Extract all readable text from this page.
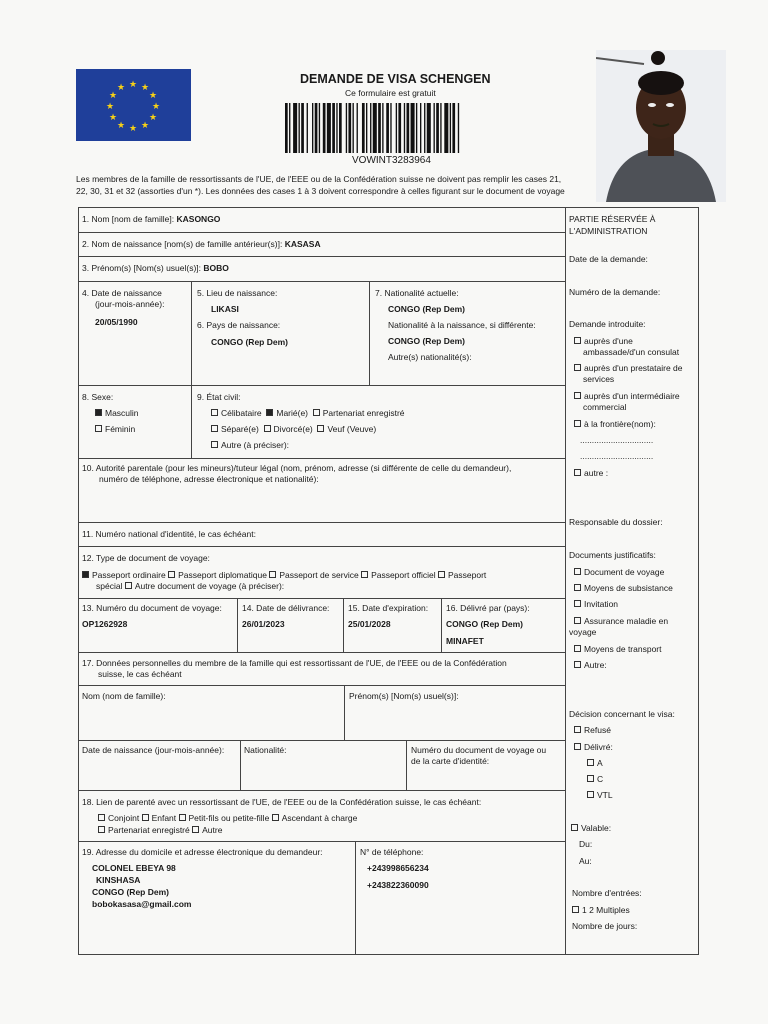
★ ★
★
★
★
★
★
★
★
★
★
★
DEMANDE DE VISA SCHENGEN
Ce formulaire est gratuit
VOWINT3283964
Les membres de la famille de ressortissants de l'UE, de l'EEE ou de la Confédération suisse ne doivent pas remplir les cases 21,
22, 30, 31 et 32 (assorties d'un *). Les données des cases 1 à 3 doivent correspondre à celles figurant sur le document de voyage
1. Nom [nom de famille]: KASONGO
2. Nom de naissance [nom(s) de famille antérieur(s)]: KASASA
3. Prénom(s) [Nom(s) usuel(s)]: BOBO
4. Date de naissance
(jour-mois-année):
20/05/1990
5. Lieu de naissance:
LIKASI
6. Pays de naissance:
CONGO (Rep Dem)
7. Nationalité actuelle:
CONGO (Rep Dem)
Nationalité à la naissance, si différente:
CONGO (Rep Dem)
Autre(s) nationalité(s):
8. Sexe:
Masculin
Féminin
9. État civil:
Célibataire Marié(e) Partenariat enregistré
Séparé(e) Divorcé(e) Veuf (Veuve)
Autre (à préciser):
10. Autorité parentale (pour les mineurs)/tuteur légal (nom, prénom, adresse (si différente de celle du demandeur),
numéro de téléphone, adresse électronique et nationalité):
11. Numéro national d'identité, le cas échéant:
12. Type de document de voyage:
Passeport ordinaire Passeport diplomatique Passeport de service Passeport officiel Passeport
spécial Autre document de voyage (à préciser):
13. Numéro du document de voyage:
OP1262928
14. Date de délivrance:
26/01/2023
15. Date d'expiration:
25/01/2028
16. Délivré par (pays):
CONGO (Rep Dem)
MINAFET
17. Données personnelles du membre de la famille qui est ressortissant de l'UE, de l'EEE ou de la Confédération
suisse, le cas échéant
Nom (nom de famille):	Prénom(s) [Nom(s) usuel(s)]:
Date de naissance (jour-mois-année): Nationalité:	Numéro du document de voyage ou
de la carte d'identité:
18. Lien de parenté avec un ressortissant de l'UE, de l'EEE ou de la Confédération suisse, le cas échéant:
Conjoint Enfant Petit-fils ou petite-fille Ascendant à charge
Partenariat enregistré Autre
19. Adresse du domicile et adresse électronique du demandeur:
COLONEL EBEYA 98
KINSHASA
CONGO (Rep Dem)
bobokasasa@gmail.com
N° de téléphone:
+243998656234
+243822360090
PARTIE RÉSERVÉE À
L'ADMINISTRATION
Date de la demande:
Numéro de la demande:
Demande introduite:
auprès d'une
ambassade/d'un consulat
auprès d'un prestataire de
services
auprès d'un intermédiaire
commercial
à la frontière(nom):
...............................
...............................
autre :
Responsable du dossier:
Documents justificatifs:
Document de voyage
Moyens de subsistance
Invitation
Assurance maladie en
voyage
Moyens de transport
Autre:
Décision concernant le visa:
Refusé
Délivré:
A
C
VTL
Valable:
Du:
Au:
Nombre d'entrées:
1 2 Multiples
Nombre de jours:
